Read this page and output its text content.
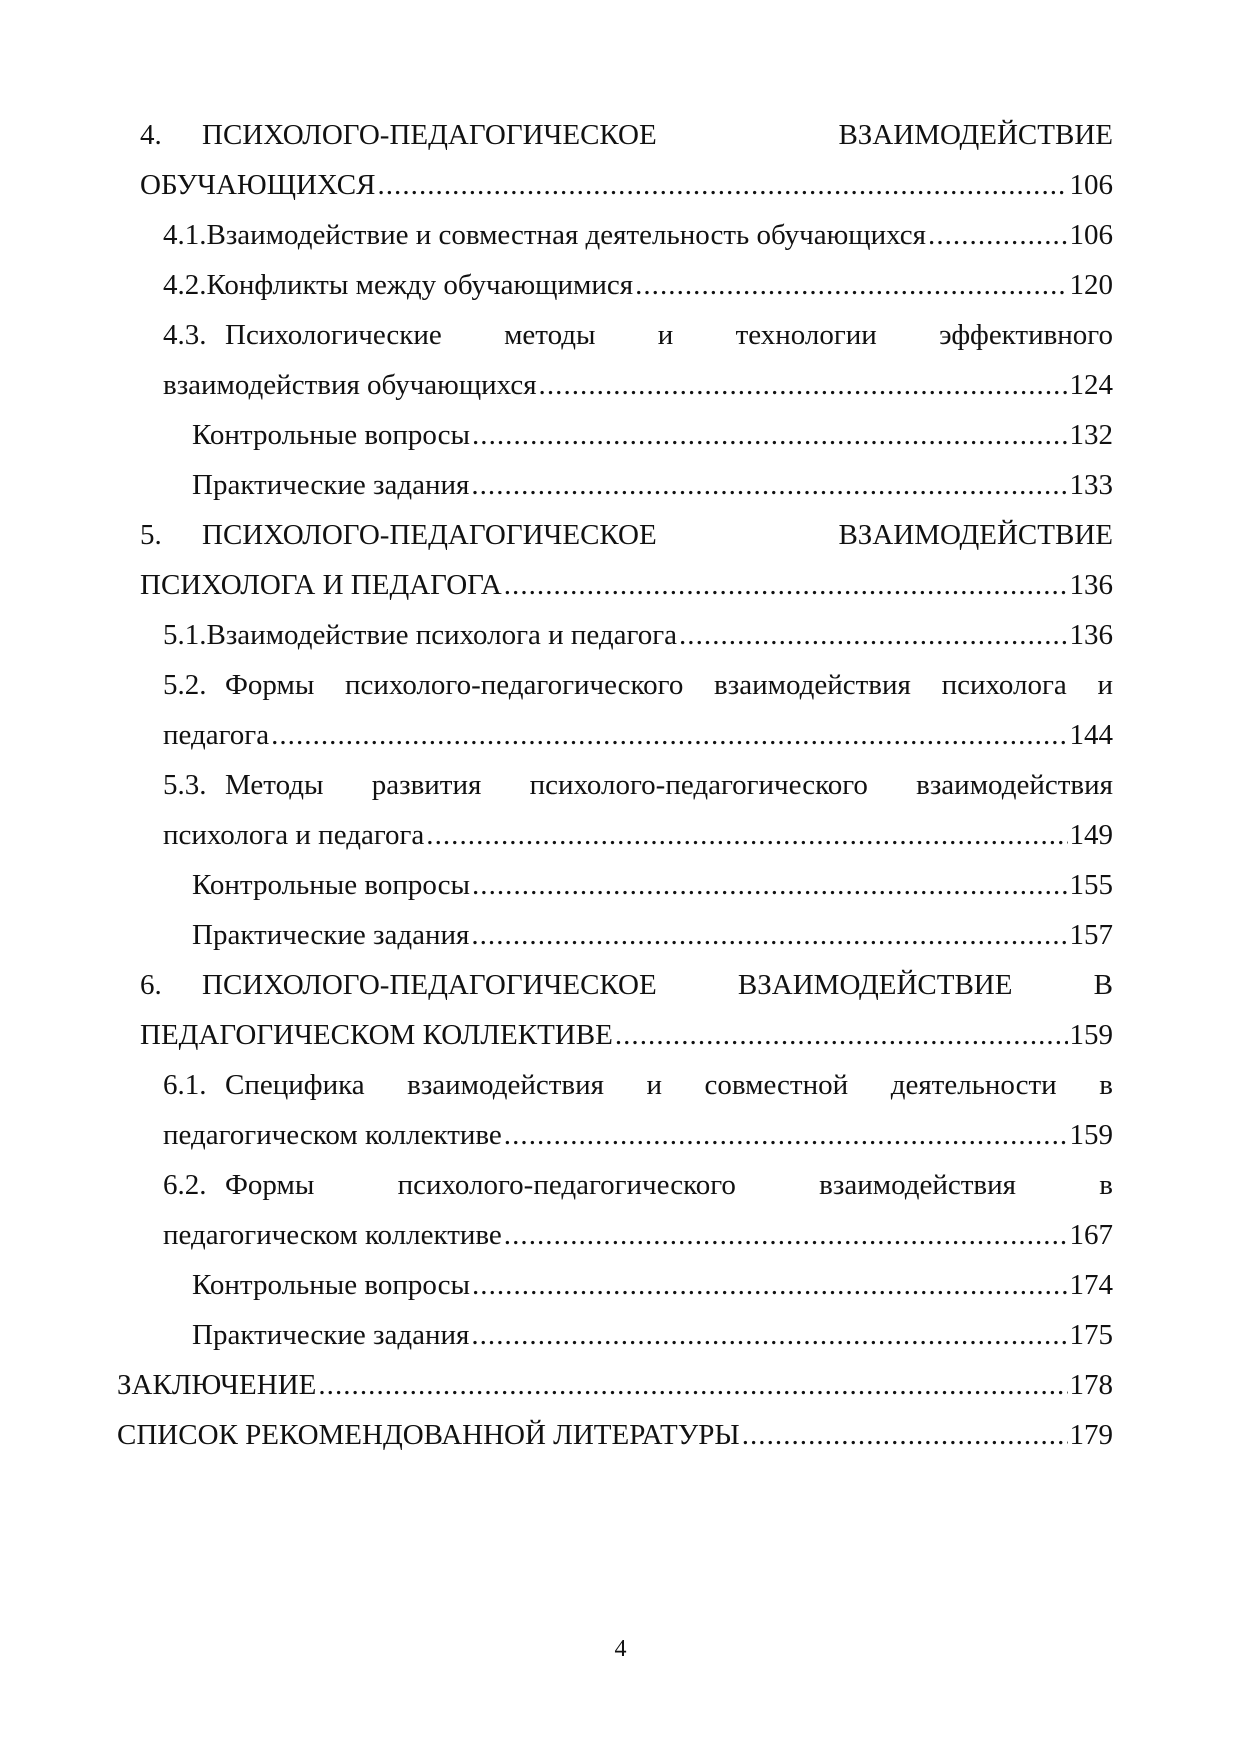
4. ПСИХОЛОГО-ПЕДАГОГИЧЕСКОЕ	ВЗАИМОДЕЙСТВИЕ
ОБУЧАЮЩИХСЯ . . .	106
4.1. Взаимодействие и совместная деятельность обучающихся . . .	106
4.2. Конфликты между обучающимися . . .	120
4.3. Психологические методы и технологии эффективного
взаимодействия обучающихся . . .	124
Контрольные вопросы . . .	132
Практические задания . . .	133
5. ПСИХОЛОГО-ПЕДАГОГИЧЕСКОЕ	ВЗАИМОДЕЙСТВИЕ
ПСИХОЛОГА И ПЕДАГОГА . . .	136
5.1. Взаимодействие психолога и педагога . . .	136
5.2. Формы психолого-педагогического взаимодействия психолога и
педагога . . .	144
5.3. Методы развития психолого-педагогического взаимодействия
психолога и педагога . . .	149
Контрольные вопросы . . .	155
Практические задания . . .	157
6. ПСИХОЛОГО-ПЕДАГОГИЧЕСКОЕ	ВЗАИМОДЕЙСТВИЕ	В
ПЕДАГОГИЧЕСКОМ КОЛЛЕКТИВЕ . . .	159
6.1. Специфика взаимодействия и совместной деятельности в
педагогическом коллективе . . .	159
6.2. Формы	психолого-педагогического	взаимодействия	в
педагогическом коллективе . . .	167
Контрольные вопросы . . .	174
Практические задания . . .	175
ЗАКЛЮЧЕНИЕ . . .	178
СПИСОК РЕКОМЕНДОВАННОЙ ЛИТЕРАТУРЫ . . .	179
4
